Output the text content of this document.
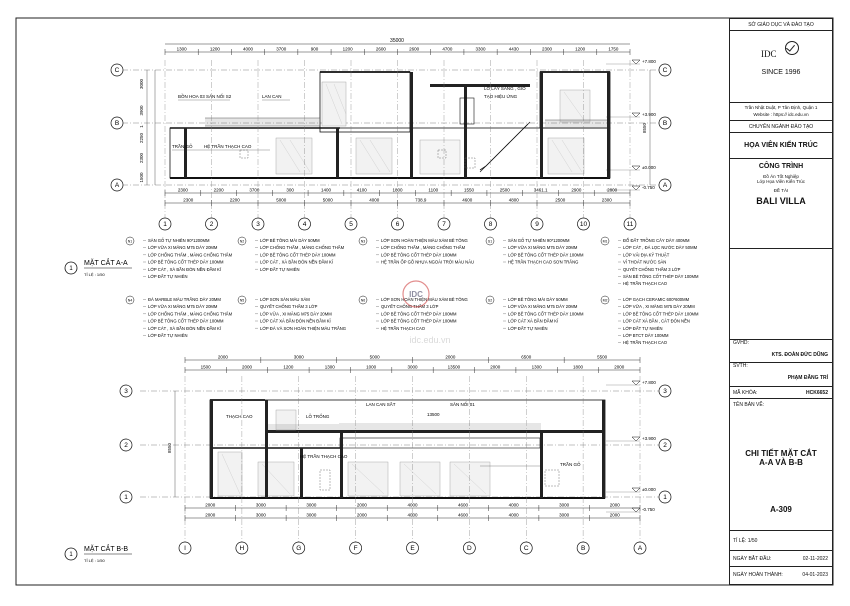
35000
1300	1200	4000	3700	900	1200	2600	2600	4700	3300	4430	2300	1200	1750
C
B
A
C
B
A
3000
3900
1
2250
2300
1500
8550
+7.800
+3.900
±0.000
-0.750
BỒN HOA 03 SÀN NỐI S2	LAN CAN
LỖ LẤY SÁNG , GIÓ
TẠO HIỆU ỨNG
TRẦN GỖ	HỆ TRẦN THẠCH CAO
2300	2200	3700	300	1400	4100	1800	1100	1550	2500	3461.1	2900	2800
2300	2200	5000	5000	4000	738.9	4600	4800	2500	2300
1	2	3	4	5	6	7	8	9	10	11
1
MẶT CẮT A-A
TỈ LỆ : 1/50
N1	SÀN GỖ TỰ NHIÊN 90*1200MM
LỚP VỮA XI MĂNG M75 DÀY 20MM
LỚP CHỐNG THẤM , MÀNG CHỐNG THẤM
LỚP BÊ TÔNG CỐT THÉP DÀY 100MM
LỚP CÁT , XÀ BẦN ĐÓN NỀN ĐẦM KĨ
LỚP ĐẤT TỰ NHIÊN
N2	LỚP BÊ TÔNG MÀI DÀY 50MM
LỚP CHỐNG THẤM , MÀNG CHỐNG THẤM
LỚP BÊ TÔNG CỐT THÉP DÀY 100MM
LỚP CÁT , XÀ BẦN ĐÓN NỀN ĐẦM KĨ
LỚP ĐẤT TỰ NHIÊN
N3	LỚP SƠN HOÀN THIỆN MÀU XÁM BÊ TÔNG
LỚP CHỐNG THẤM , MÀNG CHỐNG THẤM
LỚP BÊ TÔNG CỐT THÉP DÀY 100MM
HỆ TRẦN ỐP GỖ NHỰA NGOÀI TRỜI MÀU NÂU
S1	SÀN GỖ TỰ NHIÊN 90*1200MM
LỚP VỮA XI MĂNG M75 DÀY 20MM
LỚP BÊ TÔNG CỐT THÉP DÀY 100MM
HỆ TRẦN THẠCH CAO SƠN TRẮNG
M1	ĐỔ ĐẤT TRỒNG CÂY DÀY 400MM
LỚP CÁT , ĐÁ LỌC NƯỚC DÀY 50MM
LỚP VẢI ĐỊA KỸ THUẬT
VỈ THOÁT NƯỚC SÀN
QUYẾT CHỐNG THẤM 3 LỚP
SÀN BÊ TÔNG CỐT THÉP DÀY 100MM
HỆ TRẦN THẠCH CAO
N4	ĐÁ MARBLE MÀU TRẮNG DÀY 20MM
LỚP VỮA XI MĂNG M75 DÀY 20MM
LỚP CHỐNG THẤM , MÀNG CHỐNG THẤM
LỚP BÊ TÔNG CỐT THÉP DÀY 100MM
LỚP CÁT , XÀ BẦN ĐÓN NỀN ĐẦM KĨ
LỚP ĐẤT TỰ NHIÊN
N5	LỚP SƠN SÀN MÀU XÁM
QUYẾT CHỐNG THẤM 3 LỚP
LỚP VỮA , XI MĂNG M75 DÀY 20MM
LỚP CÁT XÀ BẦN ĐÓN NỀN ĐẦM KĨ
LỚP ĐÁ VÀ SƠN HOÀN THIỆN MÀU TRẮNG
N6	LỚP SƠN HOÀN THIỆN MÀU XÁM BÊ TÔNG
QUYẾT CHỐNG THẤM 3 LỚP
LỚP BÊ TÔNG CỐT THÉP DÀY 100MM
LỚP BÊ TÔNG CỐT THÉP DÀY 100MM
HỆ TRẦN THẠCH CAO
S2	LỚP BÊ TÔNG MÀI DÀY 50MM
LỚP VỮA XI MĂNG M75 DÀY 20MM
LỚP BÊ TÔNG CỐT THÉP DÀY 100MM
LỚP CÁT XÀ BẦN ĐẦM KĨ
LỚP ĐẤT TỰ NHIÊN
M2	LỚP GẠCH CERAMIC 600*600MM
LỚP VỮA , XI MĂNG M75 DÀY 20MM
LỚP BÊ TÔNG CỐT THÉP DÀY 100MM
LỚP CÁT XÀ BẦN , CÁT ĐÓN NỀN
LỚP ĐẤT TỰ NHIÊN
LỚP BTCT DÀY 100MM
HỆ TRẦN THẠCH CAO
2000	3000	5000	2000	6500	5500
1500	2000	1200	1300	1000	3000	13500	2000	1300	1800	2000
3
2
1
3
2
1
+7.800
+3.900
±0.000
-0.750
LAN CAN SẮT	SÂN NỐI 01
THẠCH CAO	LỖ TRỐNG
TRẦN GỖ
HỆ TRẦN THẠCH CAO
13500
8550
2000	3000	3000	2000	4000	4600	4000	3000	2000
2000	3000	3000	2000	4000	4600	4000	3000	2000
I	H	G	F	E	D	C	B	A
1
MẶT CẮT B-B
TỈ LỆ : 1/50
IDC
idc.edu.vn
SỞ GIÁO DỤC VÀ ĐÀO TẠO
IDC
SINCE 1996
Trần Nhật Duật, P Tân Định, Quận 1
Website : https:// idc.edu.vn
CHUYÊN NGÀNH ĐÀO TẠO
HỌA VIÊN KIẾN TRÚC
CÔNG TRÌNH
Đồ Án Tốt Nghiệp
Lớp Họa Viên Kiến Trúc
ĐỀ TÀI
BALI VILLA
GVHD:
KTS. ĐOÀN ĐỨC DŨNG
SVTH:
PHẠM ĐĂNG TRÍ
MÃ KHÓA:	HCK6652
TÊN BẢN VẼ:
CHI TIẾT MẶT CẮT
A-A VÀ B-B
A-309
TỈ LỆ: 1/50
NGÀY BẮT ĐẦU:	02-11-2022
NGÀY HOÀN THÀNH:	04-01-2023
